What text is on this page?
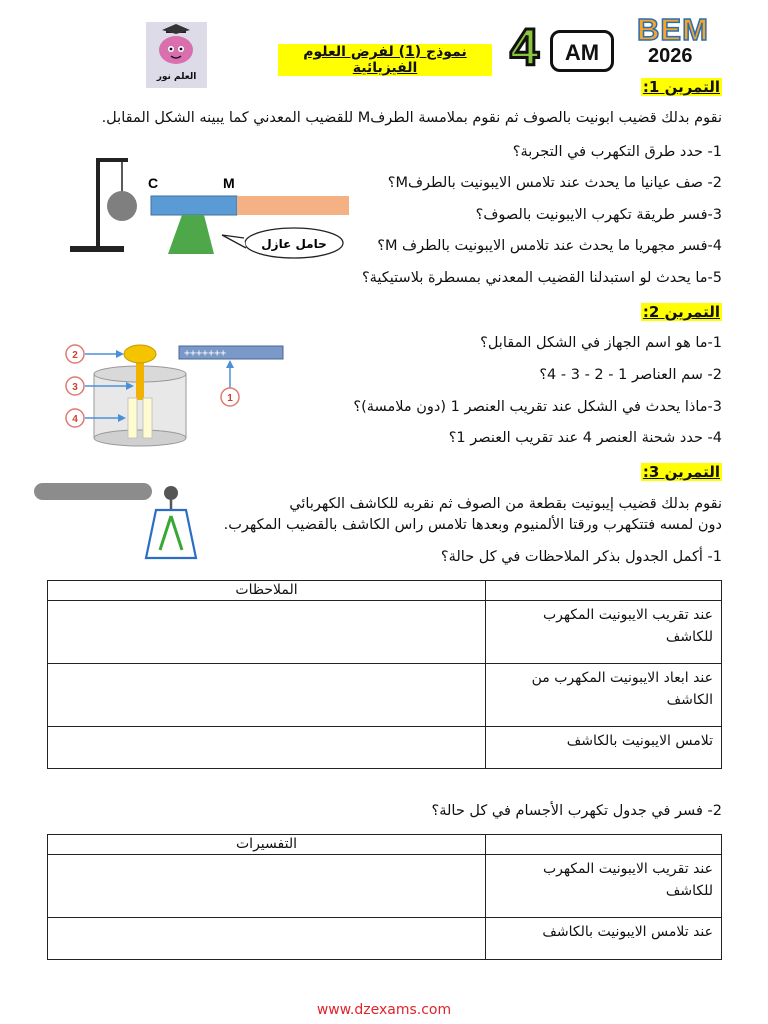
العلم نور
نموذج (1) لفرض العلوم الفيزيائية	4	AM
BEM
2026
التمرين 1:
نقوم بدلك قضيب ابونيت بالصوف ثم نقوم بملامسة الطرفM للقضيب المعدني كما يبينه الشكل المقابل.
1- حدد طرق التكهرب في التجربة؟
2- صف عيانيا ما يحدث عند تلامس الايبونيت بالطرفM؟
3-فسر طريقة تكهرب الايبونيت بالصوف؟
4-فسر مجهريا ما يحدث عند تلامس الايبونيت بالطرف M؟
5-ما يحدث لو استبدلنا القضيب المعدني بمسطرة بلاستيكية؟
C	M
حامل عازل
التمرين 2:
1-ما هو اسم الجهاز في الشكل المقابل؟
2- سم العناصر 1 - 2 - 3 - 4؟
3-ماذا يحدث في الشكل عند تقريب العنصر 1 (دون ملامسة)؟
4- حدد شحنة العنصر 4 عند تقريب العنصر 1؟
+++++++
1
2
3
4
التمرين 3:
نقوم بدلك قضيب إيبونيت بقطعة من الصوف ثم نقربه للكاشف الكهربائي
دون لمسه فتتكهرب ورقتا الألمنيوم وبعدها تلامس راس الكاشف بالقضيب المكهرب.
1- أكمل الجدول بذكر الملاحظات في كل حالة؟
	الملاحظات
عند تقريب الايبونيت المكهرب للكاشف	
عند ابعاد الايبونيت المكهرب من الكاشف	
تلامس الايبونيت بالكاشف	
2- فسر في جدول تكهرب الأجسام في كل حالة؟
	التفسيرات
عند تقريب الايبونيت المكهرب للكاشف	
عند تلامس الايبونيت بالكاشف	
www.dzexams.com
